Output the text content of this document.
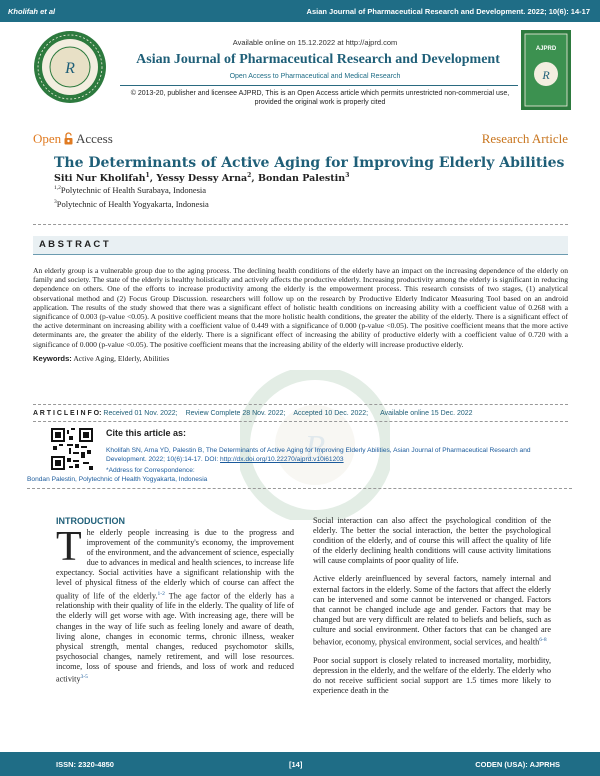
Kholifah et al	Asian Journal of Pharmaceutical Research and Development. 2022; 10(6): 14-17
R
Available online on 15.12.2022 at http://ajprd.com
Asian Journal of Pharmaceutical Research and Development
Open Access to Pharmaceutical and Medical Research
© 2013-20, publisher and licensee AJPRD, This is an Open Access article which permits unrestricted non-commercial use, provided the original work is properly cited
AJPRD
R
Open Access	Research Article
The Determinants of Active Aging for Improving Elderly Abilities
Siti Nur Kholifah$^1$, Yessy Dessy Arna$^2$, Bondan Palestin$^3$
$^{1,2}$Polytechnic of Health Surabaya, Indonesia
$^3$Polytechnic of Health Yogyakarta, Indonesia
A B S T R A C T
R

An elderly group is a vulnerable group due to the aging process. The declining health conditions of the elderly have an impact on the increasing dependence of the elderly on family and society. The state of the elderly is healthy holistically and actively affects the productive elderly. Increasing productivity among the elderly is significant in reducing dependence on others. One of the efforts to increase productivity among the elderly is the empowerment process. This research consists of two stages, (1) analytical observational method and (2) Focus Group Discussion. researchers will follow up on the research by Productive Elderly Indicator Measuring Tool based on an android application. The results of the study showed that there was a significant effect of holistic health conditions on increasing ability with a coefficient value of 0.268 with a significance of 0.003 (p-value <0.05). A positive coefficient means that the more holistic health conditions, the greater the ability of the elderly. There is a significant effect of the active determinant on increasing ability with a coefficient value of 0.449 with a significance of 0.000 (p-value <0.05). The positive coefficient means that the more active determinants are, the greater the ability of the elderly. There is a significant effect of increasing the ability of productive elderly with a coefficient value of 0.720 with a significance of 0.000 (p-value <0.05). The positive coefficient means that the increasing ability of the elderly will increase productive elderly.

Keywords: Active Aging, Elderly, Abilities
A R T I C L E I N F O: Received 01 Nov. 2022; Review Complete 28 Nov. 2022; Accepted 10 Dec. 2022; Available online 15 Dec. 2022
Cite this article as:
Kholifah SN, Arna YD, Palestin B, The Determinants of Active Aging for Improving Elderly Abilities, Asian Journal of Pharmaceutical Research and Development. 2022; 10(6):14-17. DOI: http://dx.doi.org/10.22270/ajprd.v10i61203
*Address for Correspondence:
Bondan Palestin, Polytechnic of Health Yogyakarta, Indonesia
INTRODUCTION
T he elderly people increasing is due to the progress and improvement of the community's economy, the improvement of the environment, and the advancement of science, especially due to advances in medical and health sciences, to increase life expectancy. Social activities have a significant relationship with the level of physical fitness of the elderly which of course can affect the quality of life of the elderly.$^{1-2}$ The age factor of the elderly has a relationship with their quality of life in the elderly. The quality of life of the elderly will get worse with age. With increasing age, there will be changes in the way of life such as feeling lonely and aware of death, living alone, changes in economic terms, chronic illness, weaker physical strength, mental changes, reduced psychomotor skills, psychosocial changes, namely retirement, and will lose resources. income, loss of spouse and friends, and loss of work and reduced activity$^{3-5}$

Social interaction can also affect the psychological condition of the elderly. The better the social interaction, the better the psychological condition of the elderly, and of course this will affect the quality of life of the elderly declining health conditions will cause activity limitations will cause complaints of poor quality of life.

Active elderly areinfluenced by several factors, namely internal and external factors in the elderly. Some of the factors that affect the elderly can be intervened and some cannot be intervened or changed. Factors that cannot be changed include age and gender. Factors that may be changed but are very difficult are related to beliefs and beliefs, such as culture and social environment. Other factors that can be changed are behavior, economy, physical environment, social services, and health$^{6-8}$

Poor social support is closely related to increased mortality, morbidity, depression in the elderly, and the welfare of the elderly. The elderly who do not receive sufficient social support are 1.5 times more likely to experience death in the

ISSN: 2320-4850	[14]	CODEN (USA): AJPRHS
